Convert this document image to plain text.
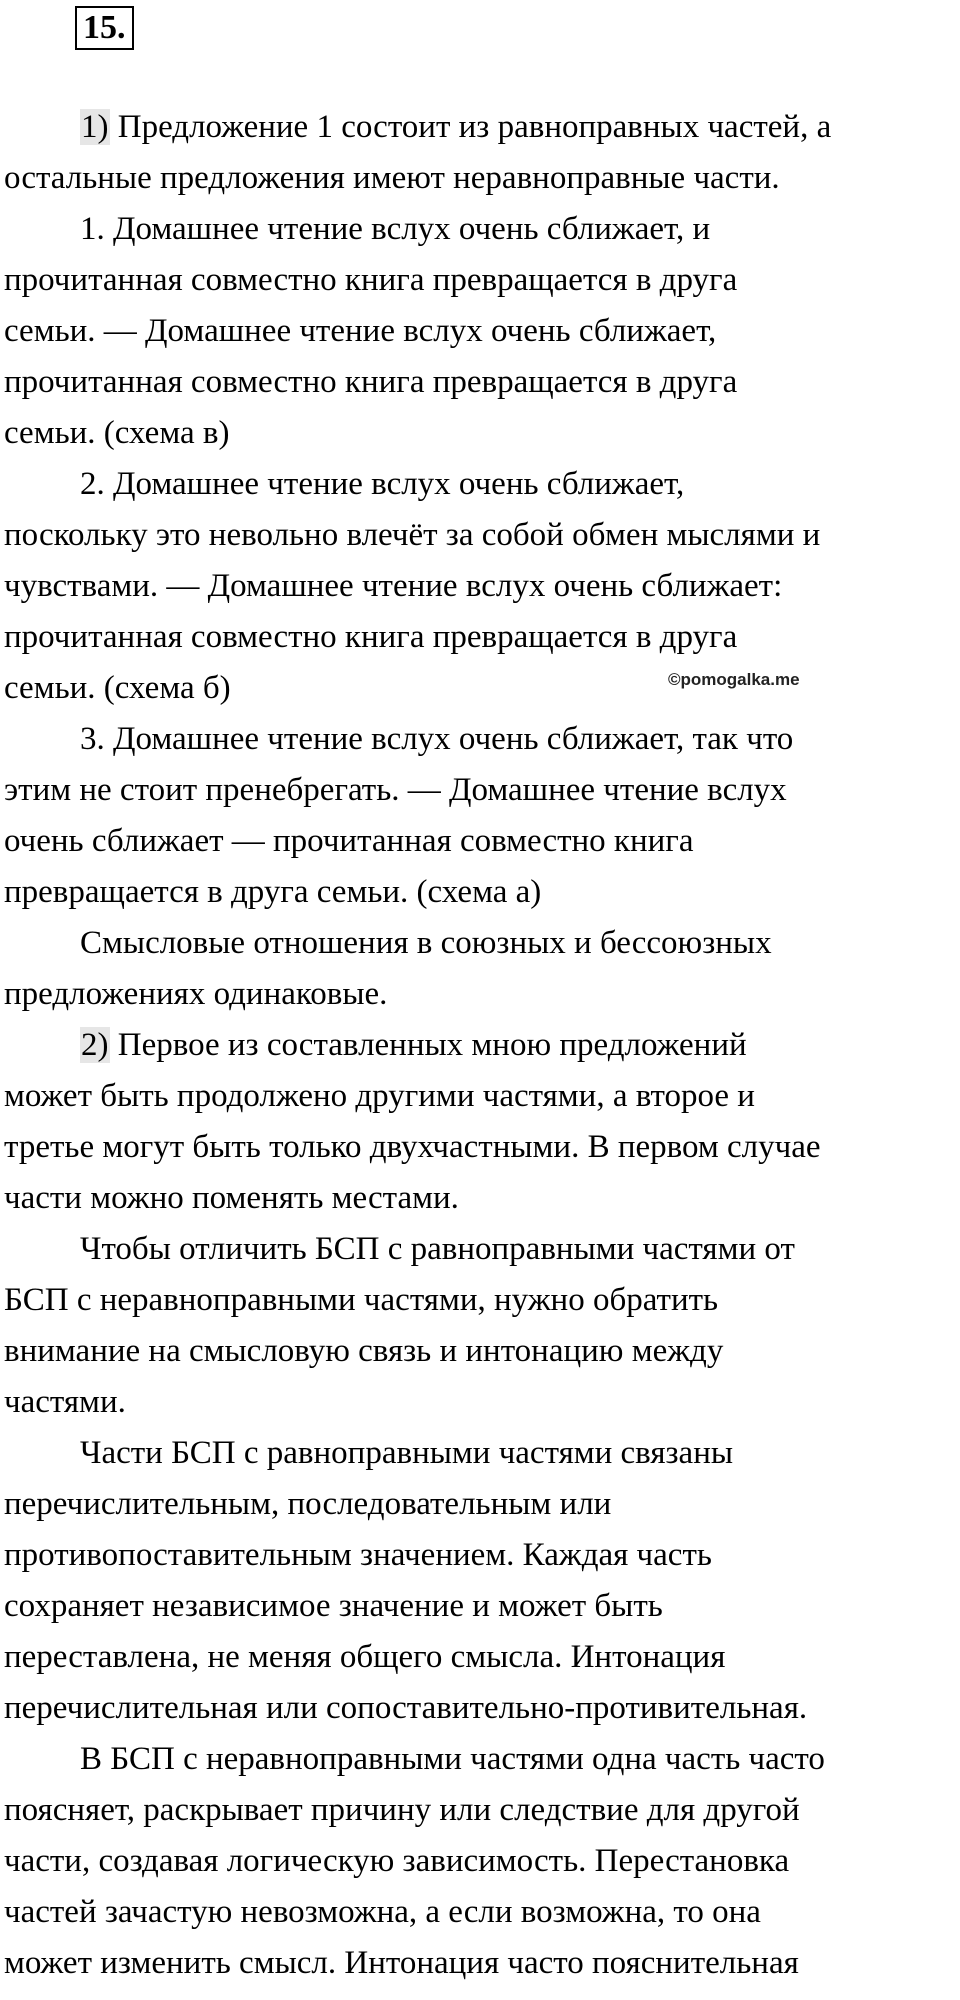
15.
1) Предложение 1 состоит из равноправных частей, а
остальные предложения имеют неравноправные части.
1. Домашнее чтение вслух очень сближает, и
прочитанная совместно книга превращается в друга
семьи. — Домашнее чтение вслух очень сближает,
прочитанная совместно книга превращается в друга
семьи. (схема в)
2. Домашнее чтение вслух очень сближает,
поскольку это невольно влечёт за собой обмен мыслями и
чувствами. — Домашнее чтение вслух очень сближает:
прочитанная совместно книга превращается в друга
семьи. (схема б)
3. Домашнее чтение вслух очень сближает, так что
этим не стоит пренебрегать. — Домашнее чтение вслух
очень сближает — прочитанная совместно книга
превращается в друга семьи. (схема а)
Смысловые отношения в союзных и бессоюзных
предложениях одинаковые.
2) Первое из составленных мною предложений
может быть продолжено другими частями, а второе и
третье могут быть только двухчастными. В первом случае
части можно поменять местами.
Чтобы отличить БСП с равноправными частями от
БСП с неравноправными частями, нужно обратить
внимание на смысловую связь и интонацию между
частями.
Части БСП с равноправными частями связаны
перечислительным, последовательным или
противопоставительным значением. Каждая часть
сохраняет независимое значение и может быть
переставлена, не меняя общего смысла. Интонация
перечислительная или сопоставительно-противительная.
В БСП с неравноправными частями одна часть часто
поясняет, раскрывает причину или следствие для другой
части, создавая логическую зависимость. Перестановка
частей зачастую невозможна, а если возможна, то она
может изменить смысл. Интонация часто пояснительная
©pomogalka.me
